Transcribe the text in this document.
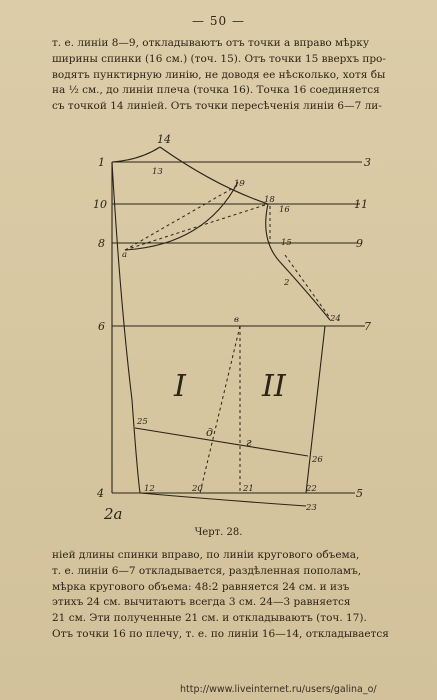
— 50 —
т. е. линіи 8—9, откладываютъ отъ точки а вправо мѣрку
ширины спинки (16 см.) (точ. 15). Отъ точки 15 вверхъ про-
водятъ пунктирную линію, не доводя ее нѣсколько, хотя бы
на ½ см., до линіи плеча (точка 16). Точка 16 соединяется
съ точкой 14 линіей. Отъ точки пересѣченія линіи 6—7 ли-
1	3
14
13
10	11
19
18
16
8	9
a
15
2
24
6	7
в
25
д
г
26
4	12	20	21	22	5
23
2а
I	II
Черт. 28.
ніей длины спинки вправо, по линіи кругового объема,
т. е. линіи 6—7 откладывается, раздѣленная пополамъ,
мѣрка кругового объема: 48:2 равняется 24 см. и изъ
этихъ 24 см. вычитаютъ всегда 3 см. 24—3 равняется
21 см. Эти полученные 21 см. и откладываютъ (точ. 17).
Отъ точки 16 по плечу, т. е. по линіи 16—14, откладывается
http://www.liveinternet.ru/users/galina_o/
